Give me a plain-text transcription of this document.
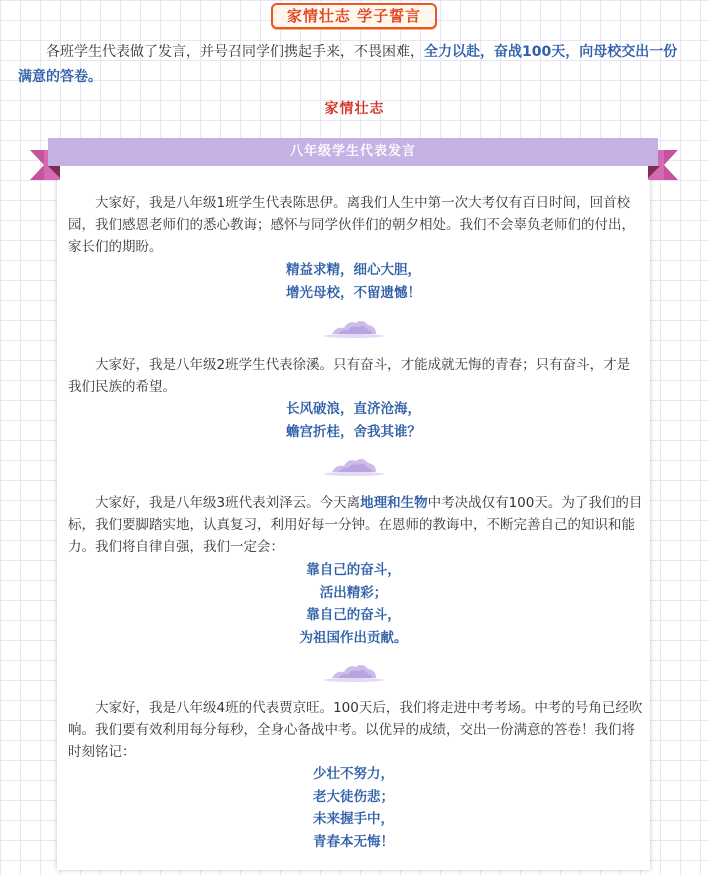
家情壮志 学子誓言
各班学生代表做了发言，并号召同学们携起手来，不畏困难，全力以赴，奋战100天，向母校交出一份满意的答卷。
家情壮志
八年级学生代表发言
大家好，我是八年级1班学生代表陈思伊。离我们人生中第一次大考仅有百日时间，回首校园，我们感恩老师们的悉心教诲；感怀与同学伙伴们的朝夕相处。我们不会辜负老师们的付出，家长们的期盼。
精益求精，细心大胆，
增光母校，不留遗憾！
大家好，我是八年级2班学生代表徐溪。只有奋斗，才能成就无悔的青春；只有奋斗，才是我们民族的希望。
长风破浪，直济沧海，
蟾宫折桂，舍我其谁？
大家好，我是八年级3班代表刘泽云。今天离地理和生物中考决战仅有100天。为了我们的目标，我们要脚踏实地，认真复习，利用好每一分钟。在恩师的教诲中，不断完善自己的知识和能力。我们将自律自强，我们一定会：
靠自己的奋斗，
活出精彩；
靠自己的奋斗，
为祖国作出贡献。
大家好，我是八年级4班的代表贾京旺。100天后，我们将走进中考考场。中考的号角已经吹响。我们要有效利用每分每秒，全身心备战中考。以优异的成绩，交出一份满意的答卷！我们将时刻铭记：
少壮不努力，
老大徒伤悲；
未来握手中，
青春本无悔！
